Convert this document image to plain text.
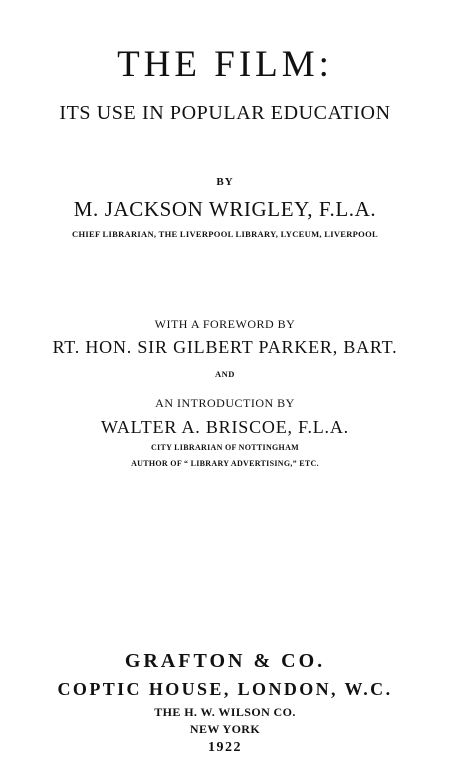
THE FILM:
ITS USE IN POPULAR EDUCATION
BY
M. JACKSON WRIGLEY, F.L.A.
CHIEF LIBRARIAN, THE LIVERPOOL LIBRARY, LYCEUM, LIVERPOOL
WITH A FOREWORD BY
RT. HON. SIR GILBERT PARKER, BART.
AND
AN INTRODUCTION BY
WALTER A. BRISCOE, F.L.A.
CITY LIBRARIAN OF NOTTINGHAM
AUTHOR OF “ LIBRARY ADVERTISING,” ETC.
GRAFTON & CO.
COPTIC HOUSE, LONDON, W.C.
THE H. W. WILSON CO.
NEW YORK
1922
